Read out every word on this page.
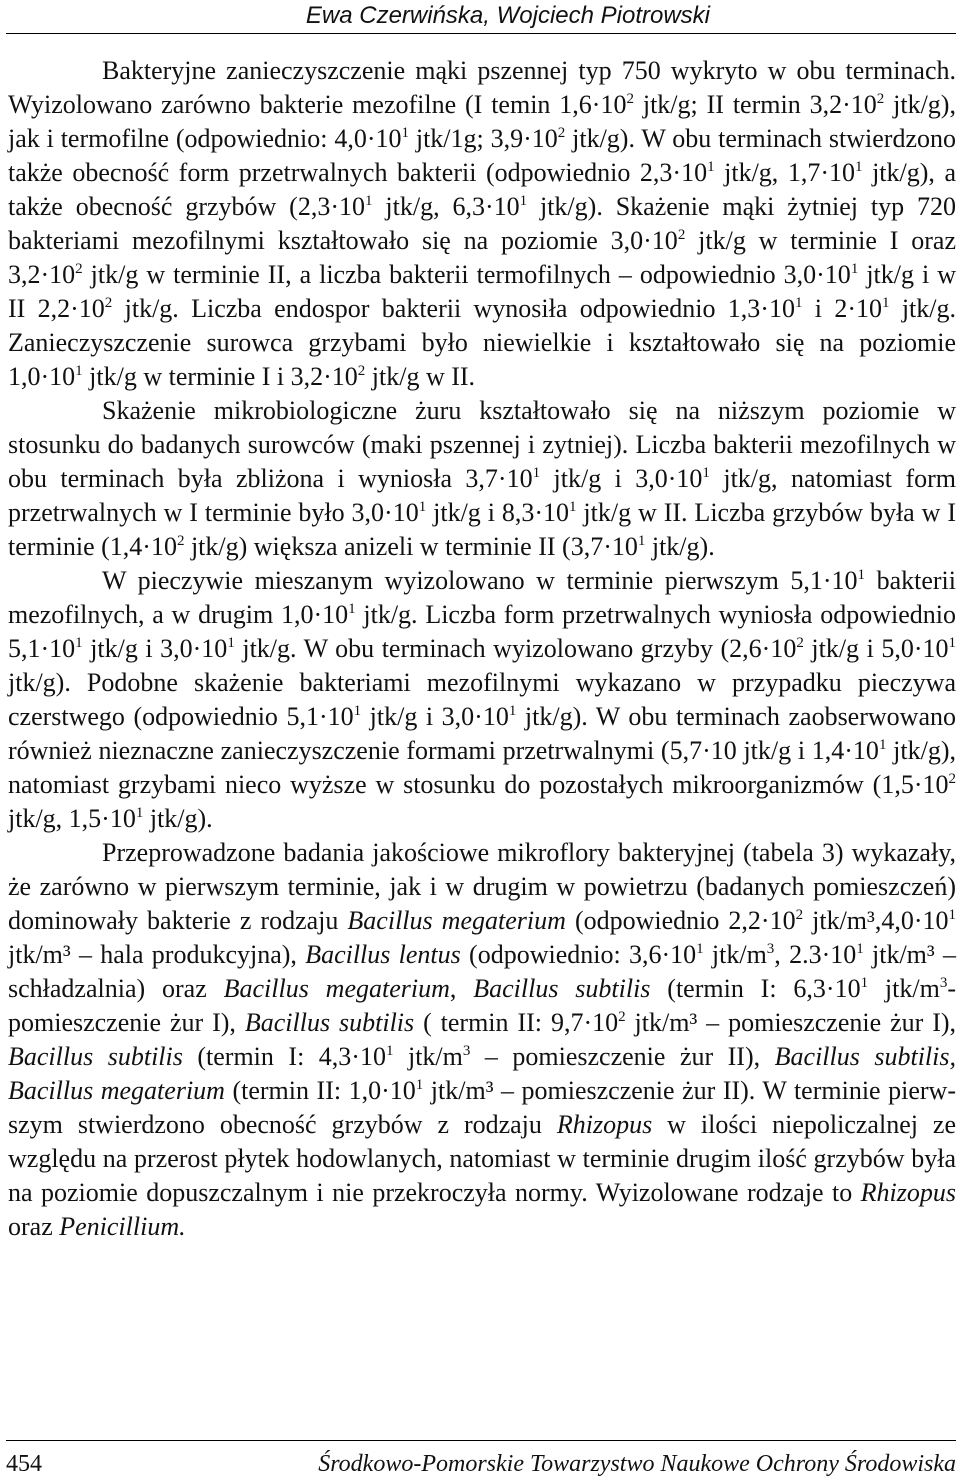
Ewa Czerwińska, Wojciech Piotrowski

Bakteryjne zanieczyszczenie mąki pszennej typ 750 wykryto w obu terminach. Wyizolowano zarówno bakterie mezofilne (I temin $1,6\cdot 10^2$ jtk/g; II termin $3,2\cdot 10^2$ jtk/g), jak i termofilne (odpowiednio: $4,0\cdot 10^1$ jtk/1g; $3,9\cdot 10^2$ jtk/g). W obu terminach stwierdzono także obecność form przetrwalnych bakterii (odpowiednio $2,3\cdot 10^1$ jtk/g, $1,7\cdot 10^1$ jtk/g), a także obecność grzybów ($2,3\cdot 10^1$ jtk/g, $6,3\cdot 10^1$ jtk/g). Skażenie mąki żytniej typ 720 bakteriami mezofilnymi kształtowało się na poziomie $3,0\cdot 10^2$ jtk/g w terminie I oraz $3,2\cdot 10^2$ jtk/g w terminie II, a liczba bakterii termofilnych – odpowiednio $3,0\cdot 10^1$ jtk/g i w II $2,2\cdot 10^2$ jtk/g. Liczba endospor bakterii wynosiła odpowiednio $1,3\cdot 10^1$ i $2\cdot 10^1$ jtk/g. Zanieczyszczenie surowca grzybami było niewielkie i kształtowało się na poziomie $1,0\cdot 10^1$ jtk/g w terminie I i $3,2\cdot 10^2$ jtk/g w II.

Skażenie mikrobiologiczne żuru kształtowało się na niższym poziomie w stosunku do badanych surowców (maki pszennej i zytniej). Liczba bakterii mezofilnych w obu terminach była zbliżona i wyniosła $3,7\cdot 10^1$ jtk/g i $3,0\cdot 10^1$ jtk/g, natomiast form przetrwalnych w I terminie było $3,0\cdot 10^1$ jtk/g i $8,3\cdot 10^1$ jtk/g w II. Liczba grzybów była w I terminie ($1,4\cdot 10^2$ jtk/g) większa anizeli w terminie II ($3,7\cdot 10^1$ jtk/g).

W pieczywie mieszanym wyizolowano w terminie pierwszym $5,1\cdot 10^1$ bakterii mezofilnych, a w drugim $1,0\cdot 10^1$ jtk/g. Liczba form przetrwalnych wyniosła odpowiednio $5,1\cdot 10^1$ jtk/g i $3,0\cdot 10^1$ jtk/g. W obu terminach wyizolowano grzyby ($2,6\cdot 10^2$ jtk/g i $5,0\cdot 10^1$ jtk/g). Podobne skażenie bakteriami mezofilnymi wykazano w przypadku pieczywa czerstwego (odpowiednio $5,1\cdot 10^1$ jtk/g i $3,0\cdot 10^1$ jtk/g). W obu terminach zaobserwowano również nieznaczne zanieczyszczenie formami przetrwalnymi (5,7·10 jtk/g i $1,4\cdot 10^1$ jtk/g), natomiast grzybami nieco wyższe w stosunku do pozostałych mikroorganizmów ($1,5\cdot 10^2$ jtk/g, $1,5\cdot 10^1$ jtk/g).

Przeprowadzone badania jakościowe mikroflory bakteryjnej (tabela 3) wykazały, że zarówno w pierwszym terminie, jak i w drugim w powietrzu (badanych pomieszczeń) dominowały bakterie z rodzaju Bacillus megaterium (odpowiednio $2,2\cdot 10^2$ jtk/$m^3,4,0\cdot 10^1$ jtk/m³ – hala produkcyjna), Bacillus lentus (odpowiednio: $3,6\cdot 10^1$ jtk/$m^3$, $2.3\cdot 10^1$ jtk/m³ – schładzalnia) oraz Bacillus megaterium, Bacillus subtilis (termin I: $6,3\cdot 10^1$ jtk/$m^3-$ pomieszczenie żur I), Bacillus subtilis ( termin II: $9,7\cdot 10^2$ jtk/m³ – pomieszczenie żur I), Bacillus subtilis (termin I: $4,3\cdot 10^1$ jtk/$m^3$ – pomieszczenie żur II), Bacillus subtilis, Bacillus megaterium (termin II: $1,0\cdot 10^1$ jtk/m³ – pomieszczenie żur II). W terminie pierwszym stwierdzono obecność grzybów z rodzaju Rhizopus w ilości niepoliczalnej ze względu na przerost płytek hodowlanych, natomiast w terminie drugim ilość grzybów była na poziomie dopuszczalnym i nie przekroczyła normy. Wyizolowane rodzaje to Rhizopus oraz Penicillium.

454	Środkowo-Pomorskie Towarzystwo Naukowe Ochrony Środowiska
